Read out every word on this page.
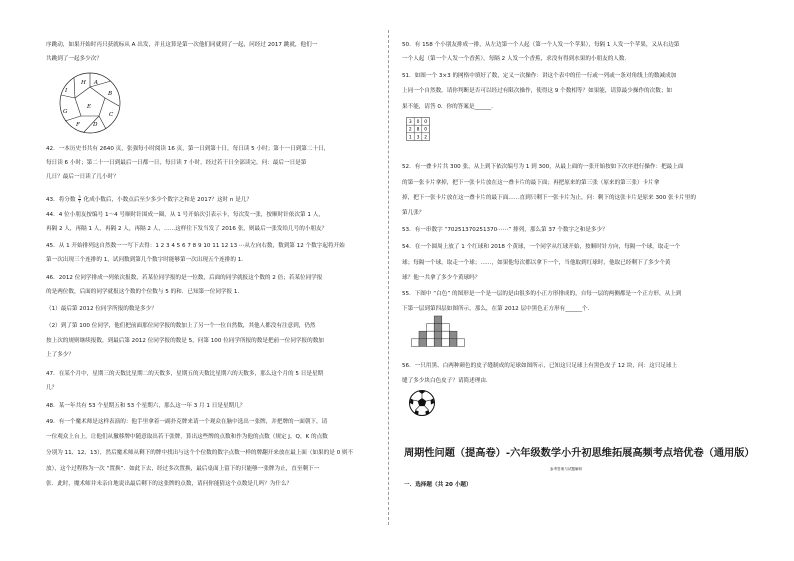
序跳动，如果开始时丙只获就标从 A 出发，并且这算是第一次他们同就到了一起，问经过 2017 跳就，他们一
共跳到了一起多少次？
A
B
C
D
E
F
G
H
I
42．一本历史书共有 2640 页，张强每小时阅读 16 页，第一日到第十日，每日读 5 小时；第十一日到第二十日，
每日读 6 小时；第二十一日到最后一日都一日，每日读 7 小时，经过若干日全部读完，问：最后一日是第
几日？最后一日读了几小时？
43．将分数 $\frac{3}{7}$ 化成小数后，小数点后至少多少个数字之和是 2017？这时 n 是几？
44．4 位小朋友按编号 1～4 号顺时针围成一圈，从 1 号开始次引表示卡，每次发一张，按顺时针依次第 1 人，
再隔 2 人，再隔 1 人，再隔 2 人，再隔 2 人，……这样往下发当发了 2016 张，则最后一张发给几号的小朋友？
45．从 1 开始排列这自然数一一写下去得：1 2 3 4 5 6 7 8 9 10 11 12 13 ⋯从左向右数，数到第 12 个数字起将开始
第一次出现三个连排的 1，试问数到第几个数字时能够第一次出现五个连排的 1．
46．2012 位同学排成一列依次报数，若某位同学报的是一位数，后面的同学就报这个数的 2 倍；若某位同学报
的是两位数，后面的同学就报这个数的个位数与 5 的和．已知第一位同学报 1．
（1）最后第 2012 位同学所报的数是多少？
（2）到了第 100 位同学，他们把前面那位同学报的数加上了另一个一位自然数，其他人都没有注意到，仍然
按上次的规则继续报数，到最后第 2012 位同学报的数是 5，问第 100 位同学所报的数是把前一位同学报的数加
上了多少？
47．在某个月中，星期三的天数比星期二的天数多，星期五的天数比星期六的天数多，那么这个月的 5 日是星期
几？
48．某一年共有 53 个星期五和 53 个星期六，那么这一年 3 月 1 日是星期几？
49．有一个魔术师是这样表演的：他手里拿着一副扑克牌来请一个观众在脑中选出一张牌，并把牌的一面朝下，请
一位观众上台上，让他们从撤移牌中随意取出若干张牌，算出这些牌的点数和作为他的点数（规定 J，Q，K 的点数
分别为 11、12、13），然后魔术师从剩下的牌中找出与这个个位数的数字点数一样的牌翻开来放在最上面（如果的是 0 则不
放），这个过程称为一次 “置换”．如此下去，经过多次置换，最后桌面上留下的只能够一张牌为止，直至剩下一
张．此时，魔术师并未亲自地说出最后剩下的这张牌的点数，请问你能猜这个点数是几吗？为什么？
50．有 158 个小朋友排成一排，从左边第一个人起（第一个人发一个苹果），每隔 1 人发一个苹果，又从右边第
一个人起（第一个人发一个香蕉），每隔 2 人发一个香蕉，求没有得到水果的小朋友的人数．
51．如图一个 3×3 的网格中填好了数，定义一次操作：讲这个表中的任一行或一列或一条对角线上的数减成加
上同一个自然数，请你判断是否可以经过有限次操作，使得这 9 个数相等？如果能，请算最少操作的次数；如
果不能，请答 0．你的答案是______．
3 0 0
2 8 0
1 3 2
52．有一叠卡片共 300 张，从上到下依次编号为 1 到 300，从最上面的一张开始按如下次序进行操作：把最上面
的第一张卡片拿掉，把下一张卡片放在这一叠卡片的最下面；再把原来的第三张（原来的第三张）卡片拿
掉，把下一张卡片放在这一叠卡片的最下面……直到只剩下一张卡片为止，问：剩下的这张卡片是原来 300 张卡片里的
第几张？
53．有一串数字 “70251370251370⋯⋯” 排列，那么第 37 个数字之和是多少？
54．在一个圆周上放了 1 个红球和 2018 个黄球，一个同学从红球开始，按顺时针方向，每隔一个球，取走一个
球；每隔一个球，取走一个球；……，如果他每次都以拿下一个，当他取到红球时，他取已经剩下了多少个黄
球？他一共拿了多少个黄球吗？
55．下图中 “白色” 的图形是一个是一层的是由很多的小正方形排成的，自每一层的两侧都是一个正方形，从上到
下第一层到第四层如图所示，那么，在第 2012 层中黑色正方形有______个．
56．一只用黑、白两种颜色的皮子缝制成的足球如图所示，已知这只足球上有黑色皮子 12 块，问：这只足球上
缝了多少块白色皮子？请简述理由．
周期性问题（提高卷）-六年级数学小升初思维拓展高频考点培优卷（通用版）
参考答案与试题解析
一．选择题（共 20 小题）
